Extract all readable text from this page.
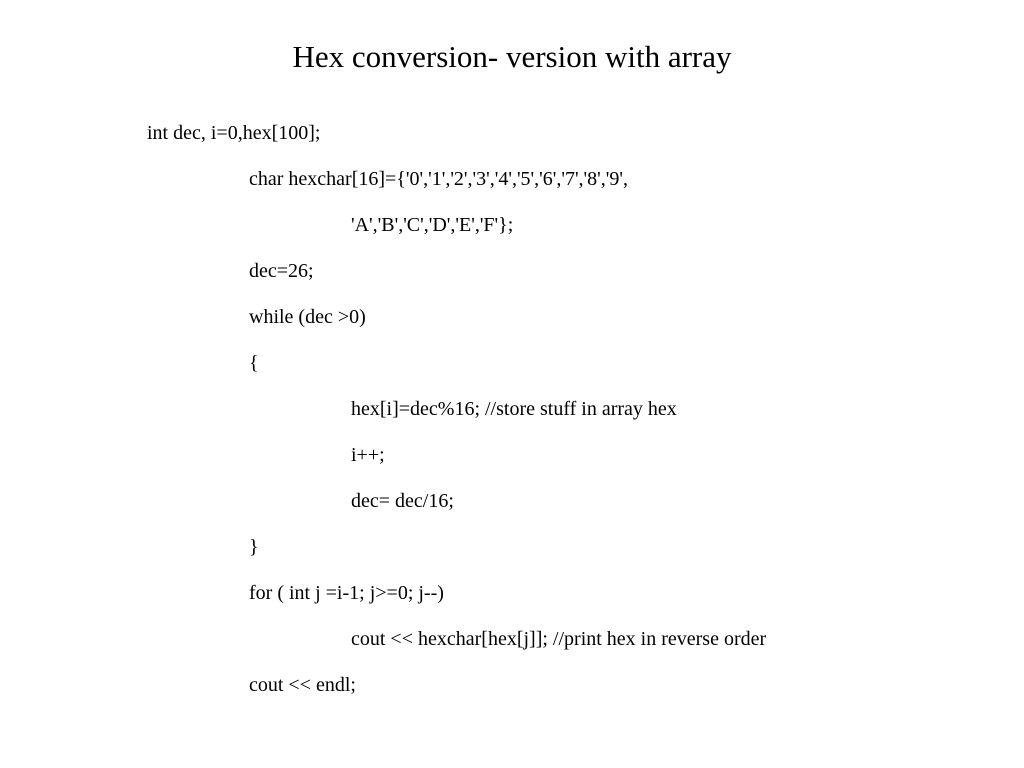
Hex conversion- version with array
int dec, i=0,hex[100];
char hexchar[16]={'0','1','2','3','4','5','6','7','8','9',
'A','B','C','D','E','F'};
dec=26;
while (dec >0)
{
hex[i]=dec%16; //store stuff in array hex
i++;
dec= dec/16;
}
for ( int j =i-1; j>=0; j--)
cout << hexchar[hex[j]]; //print hex in reverse order
cout << endl;
